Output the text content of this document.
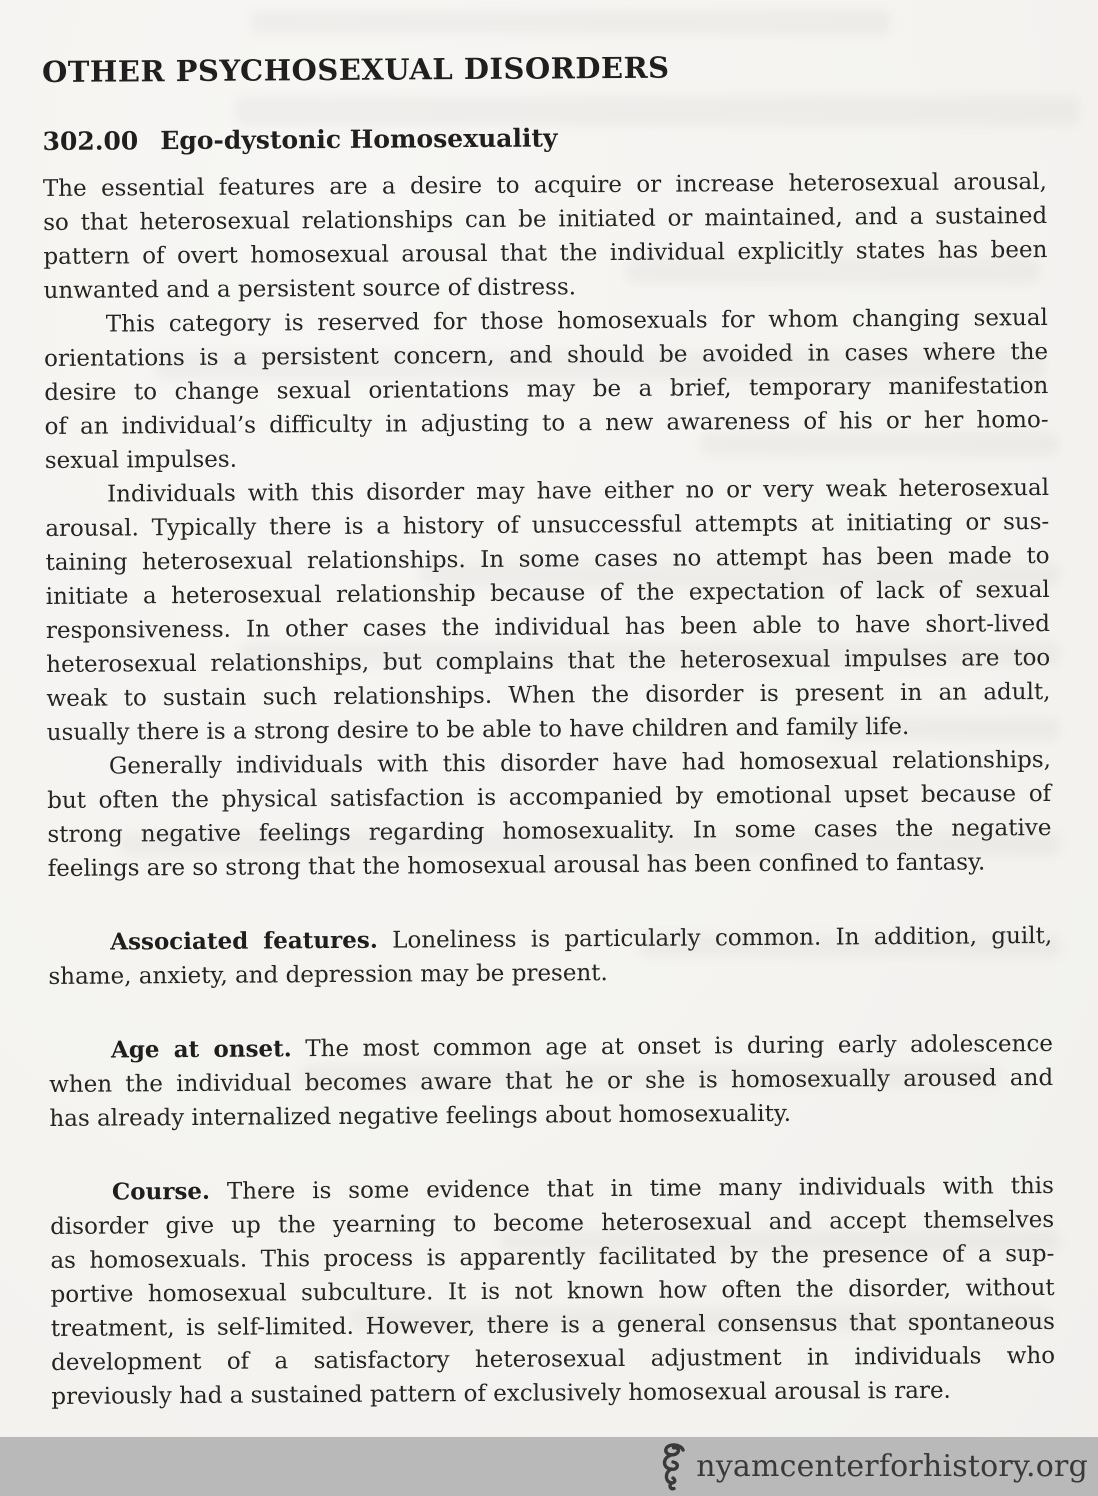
OTHER PSYCHOSEXUAL DISORDERS
302.00 Ego-dystonic Homosexuality
The essential features are a desire to acquire or increase heterosexual arousal,
so that heterosexual relationships can be initiated or maintained, and a sustained
pattern of overt homosexual arousal that the individual explicitly states has been
unwanted and a persistent source of distress.
This category is reserved for those homosexuals for whom changing sexual
orientations is a persistent concern, and should be avoided in cases where the
desire to change sexual orientations may be a brief, temporary manifestation
of an individual’s difficulty in adjusting to a new awareness of his or her homo-
sexual impulses.
Individuals with this disorder may have either no or very weak heterosexual
arousal. Typically there is a history of unsuccessful attempts at initiating or sus-
taining heterosexual relationships. In some cases no attempt has been made to
initiate a heterosexual relationship because of the expectation of lack of sexual
responsiveness. In other cases the individual has been able to have short-lived
heterosexual relationships, but complains that the heterosexual impulses are too
weak to sustain such relationships. When the disorder is present in an adult,
usually there is a strong desire to be able to have children and family life.
Generally individuals with this disorder have had homosexual relationships,
but often the physical satisfaction is accompanied by emotional upset because of
strong negative feelings regarding homosexuality. In some cases the negative
feelings are so strong that the homosexual arousal has been confined to fantasy.
Associated features. Loneliness is particularly common. In addition, guilt,
shame, anxiety, and depression may be present.
Age at onset. The most common age at onset is during early adolescence
when the individual becomes aware that he or she is homosexually aroused and
has already internalized negative feelings about homosexuality.
Course. There is some evidence that in time many individuals with this
disorder give up the yearning to become heterosexual and accept themselves
as homosexuals. This process is apparently facilitated by the presence of a sup-
portive homosexual subculture. It is not known how often the disorder, without
treatment, is self-limited. However, there is a general consensus that spontaneous
development of a satisfactory heterosexual adjustment in individuals who
previously had a sustained pattern of exclusively homosexual arousal is rare.
nyamcenterforhistory.org
